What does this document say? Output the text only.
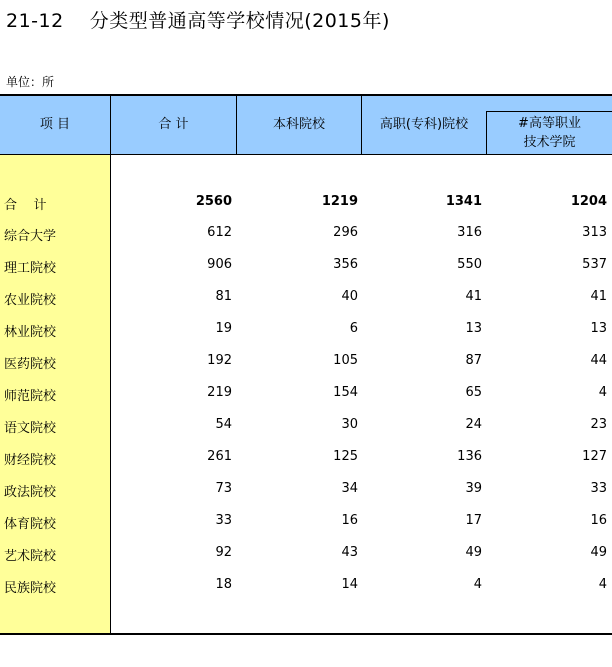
21-12 分类型普通高等学校情况(2015年)
单位：所
项 目	合 计	本科院校	高职(专科)院校	#高等职业
技术学院
合    计	2560	1219	1341	1204
综合大学	612	296	316	313
理工院校	906	356	550	537
农业院校	81	40	41	41
林业院校	19	6	13	13
医药院校	192	105	87	44
师范院校	219	154	65	4
语文院校	54	30	24	23
财经院校	261	125	136	127
政法院校	73	34	39	33
体育院校	33	16	17	16
艺术院校	92	43	49	49
民族院校	18	14	4	4
